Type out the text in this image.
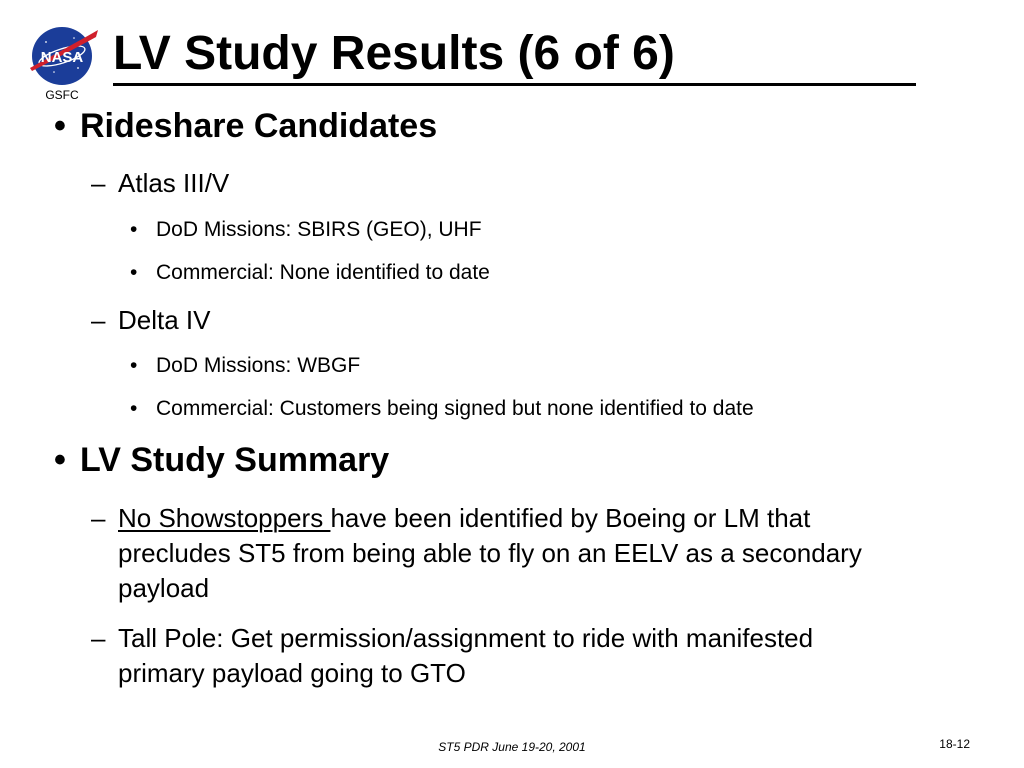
NASA
GSFC
LV Study Results (6 of 6)
• Rideshare Candidates
– Atlas III/V
• DoD Missions: SBIRS (GEO), UHF
• Commercial: None identified to date
– Delta IV
• DoD Missions: WBGF
• Commercial: Customers being signed but none identified to date
• LV Study Summary
– No Showstoppers have been identified by Boeing or LM that
precludes ST5 from being able to fly on an EELV as a secondary
payload
– Tall Pole: Get permission/assignment to ride with manifested
primary payload going to GTO
ST5 PDR June 19-20, 2001	18-12
